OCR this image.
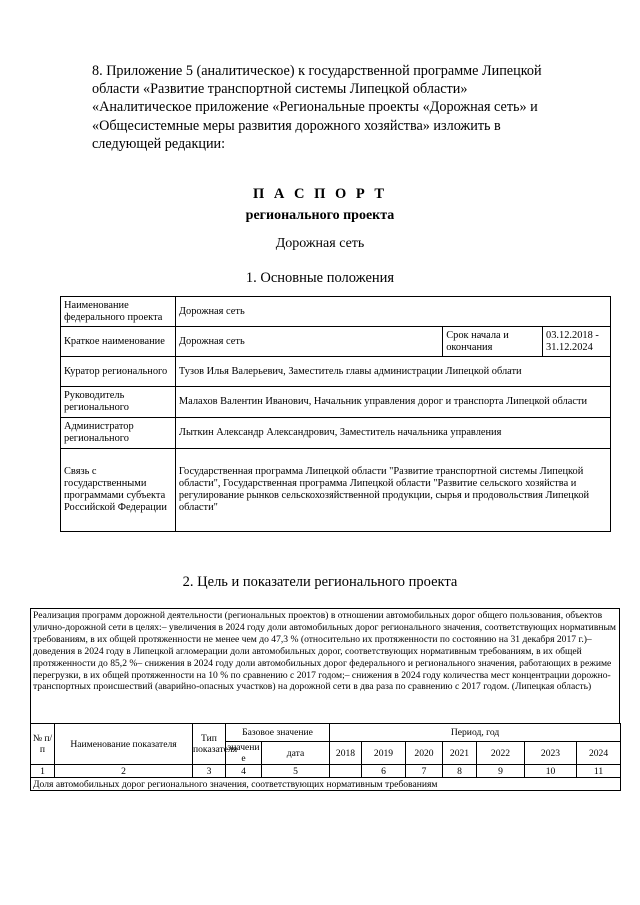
8. Приложение 5 (аналитическое) к государственной программе Липецкой
области «Развитие транспортной системы Липецкой области»
«Аналитическое приложение «Региональные проекты «Дорожная сеть» и
«Общесистемные меры развития дорожного хозяйства» изложить в
следующей редакции:
П А С П О Р Т
регионального проекта
Дорожная сеть
1. Основные положения
Наименование федерального проекта	Дорожная сеть		
Краткое наименование	Дорожная сеть	Срок начала и окончания	03.12.2018 - 31.12.2024
Куратор регионального	Тузов Илья Валерьевич, Заместитель главы администрации Липецкой облати		
Руководитель регионального	Малахов Валентин Иванович, Начальник управления дорог и транспорта Липецкой области		
Администратор регионального	Лыткин Александр Александрович, Заместитель начальника управления		
Связь с государственными программами субъекта Российской Федерации	Государственная программа Липецкой области "Развитие транспортной системы Липецкой области", Государственная программа Липецкой области "Развитие сельского хозяйства и регулирование рынков сельскохозяйственной продукции, сырья и продовольствия Липецкой области"		
2. Цель и показатели регионального проекта
Реализация программ дорожной деятельности (региональных проектов) в отношении автомобильных дорог общего пользования, объектов улично-дорожной сети в целях:– увеличения в 2024 году доли автомобильных дорог регионального значения, соответствующих нормативным требованиям, в их общей протяженности не менее чем до 47,3 % (относительно их протяженности по состоянию на 31 декабря 2017 г.)– доведения в 2024 году в Липецкой агломерации доли автомобильных дорог, соответствующих нормативным требованиям, в их общей протяженности до 85,2 %– снижения в 2024 году доли автомобильных дорог федерального и регионального значения, работающих в режиме перегрузки, в их общей протяженности на 10 % по сравнению с 2017 годом;– снижения в 2024 году количества мест концентрации дорожно-транспортных происшествий (аварийно-опасных участков) на дорожной сети в два раза по сравнению с 2017 годом. (Липецкая область)
№ п/п	Наименование показателя	Тип показателя	Базовое значение		Период, год						
			значение	дата	2018	2019	2020	2021	2022	2023	2024
1	2	3	4	5		6	7	8	9	10	11
Доля автомобильных дорог регионального значения, соответствующих нормативным требованиям											
